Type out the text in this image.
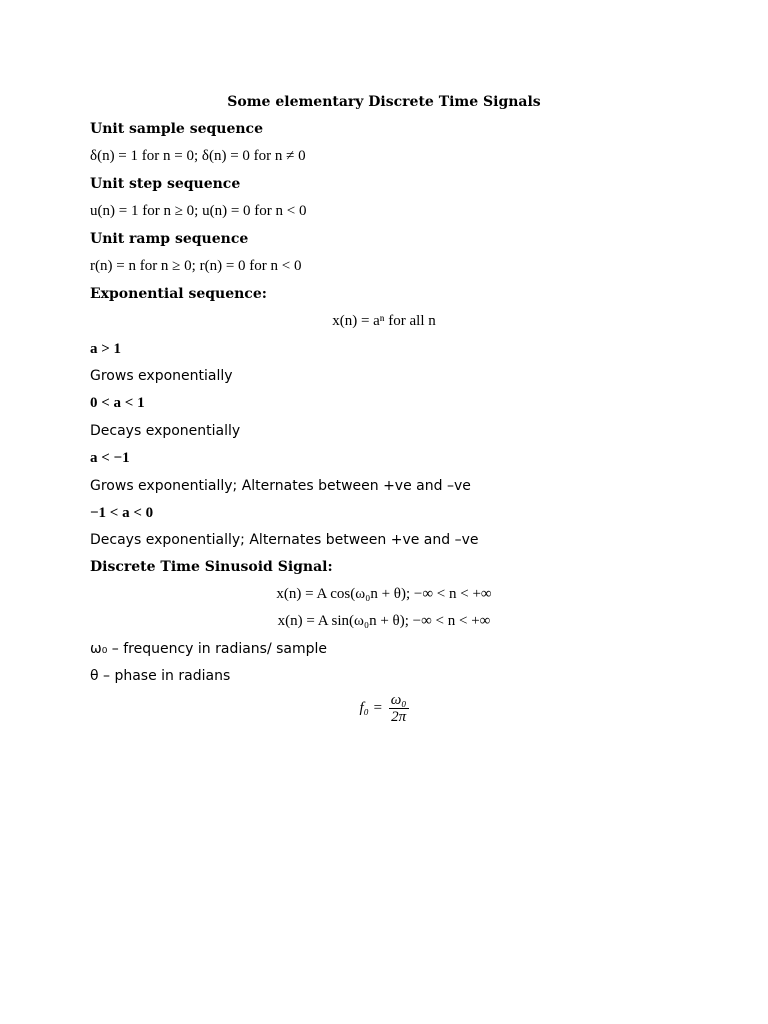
Some elementary Discrete Time Signals
Unit sample sequence
δ(n) = 1 for n = 0; δ(n) = 0 for n ≠ 0
Unit step sequence
u(n) = 1 for n ≥ 0; u(n) = 0 for n < 0
Unit ramp sequence
r(n) = n for n ≥ 0; r(n) = 0 for n < 0
Exponential sequence:
x(n) = aⁿ for all n
a > 1
Grows exponentially
0 < a < 1
Decays exponentially
a < −1
Grows exponentially; Alternates between +ve and –ve
−1 < a < 0
Decays exponentially; Alternates between +ve and –ve
Discrete Time Sinusoid Signal:
x(n) = A cos(ω₀n + θ); −∞ < n < +∞
x(n) = A sin(ω₀n + θ); −∞ < n < +∞
ω₀ – frequency in radians/ sample
θ – phase in radians
$f_0 = \frac{\text{ω₀}}{2\pi}$
